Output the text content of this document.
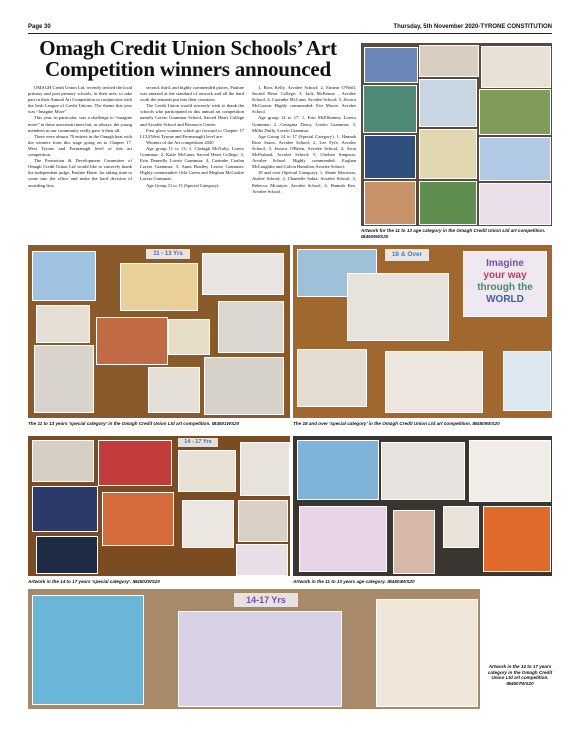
Page 30	Thursday, 5th November 2020-TYRONE CONSTITUTION
Omagh Credit Union Schools’ Art
Competition winners announced

OMAGH Credit Union Ltd. recently invited the local primary and post primary schools, in their area, to take part in their Annual Art Competition in conjunction with the Irish League of Credit Unions. The theme this year was “Imagine More”.

This year, in particular, was a challenge to “imagine more” in these uncertain times but, as always, the young members in our community really gave it their all.

There were almost 70 entries in the Omagh heat with the winners from this stage going on to Chapter 17, West Tyrone and Fermanagh level of this art competition.

The Promotion & Development Committee of Omagh Credit Union Ltd would like to sincerely thank the independent judge, Pauline Harte, for taking time to come into the office and make the hard decision of awarding first,

second, third, and highly commended places. Pauline was amazed at the standard of artwork and all the hard work the entrants put into their creations.

The Credit Union would sincerely wish to thank the schools who participated in this annual art competition namely Loreto Grammar School, Sacred Heart College and Arvalee School and Resource Centre.

First place winners which go forward to Chapter 17 LCU(West Tyrone and Fermanagh) level are:

Winners of the Art competition 2020

Age group 11 to 13: 1, Clodagh McNulty, Loreto Grammar; 2, Katie McCann, Sacred Heart College; 3, Erin Donnelly Loreto Grammar; 4, Caoimhe Conlan Loreto Grammar; 5, Anna Bradley Loreto Grammar. Highly commended: Orla Green and Meghan McCaskie Loreto Grammar.

Age Group 11 to 13 (Special Category):

1, Ross Kelly, Arvalee School; 2, Eimear O'Neill, Sacred Heart College; 3, Jack McKenna , Arvalee School; 4, Caoimhe McCann, Arvalee School; 5, Jessica McCurran. Highly commended: Eve Moore, Arvalee School.

Age group 14 to 17: 1, Erin McElhinney, Loreto Grammar; 2 ,Georgina Darcy, Loreto Grammar; 3, Millie Duffy, Loreto Grammar.

Age Group 14 to 17 (Special Category): 1, Hannah Rose Starrs, Arvalee School; 2, Lee Fyfe, Arvalee School; 3, Jessica O'Brien, Arvalee School; 4, Aron McParland, Arvalee School; 5, Chelsea Simpson, Arvalee School. Highly commended: Eoghan McLaughlin and Calvin Hamilton Arvalee School.

18 and over (Special Category): 1, Shane Morrison, Avalee School; 2, Chantelle Sakia, Arvalee School; 3, Rebecca Mcintyre, Arvalee School; 4, Hannah Kee, Arvalee School.

Artwork for the 11 to 13 age category in the Omagh Credit Union Ltd art competition. IB4506WS20
11 - 13 Yrs
The 11 to 13 years 'special category' in the Omagh Credit Union Ltd art competition. IB4501WS20
18 & Over
Imagine
your way
through the
WORLD
The 18 and over 'special category' in the Omagh Credit Union Ltd art competition. IB4505WS20
14 - 17 Yrs
Artwork in the 14 to 17 years 'special category'. IB4502WS20	Artwork in the 11 to 13 years age category. IB4504WS20
14-17 Yrs
Artwork in the 14 to 17 years category in the Omagh Credit Union Ltd art competition. IB4507WS20
